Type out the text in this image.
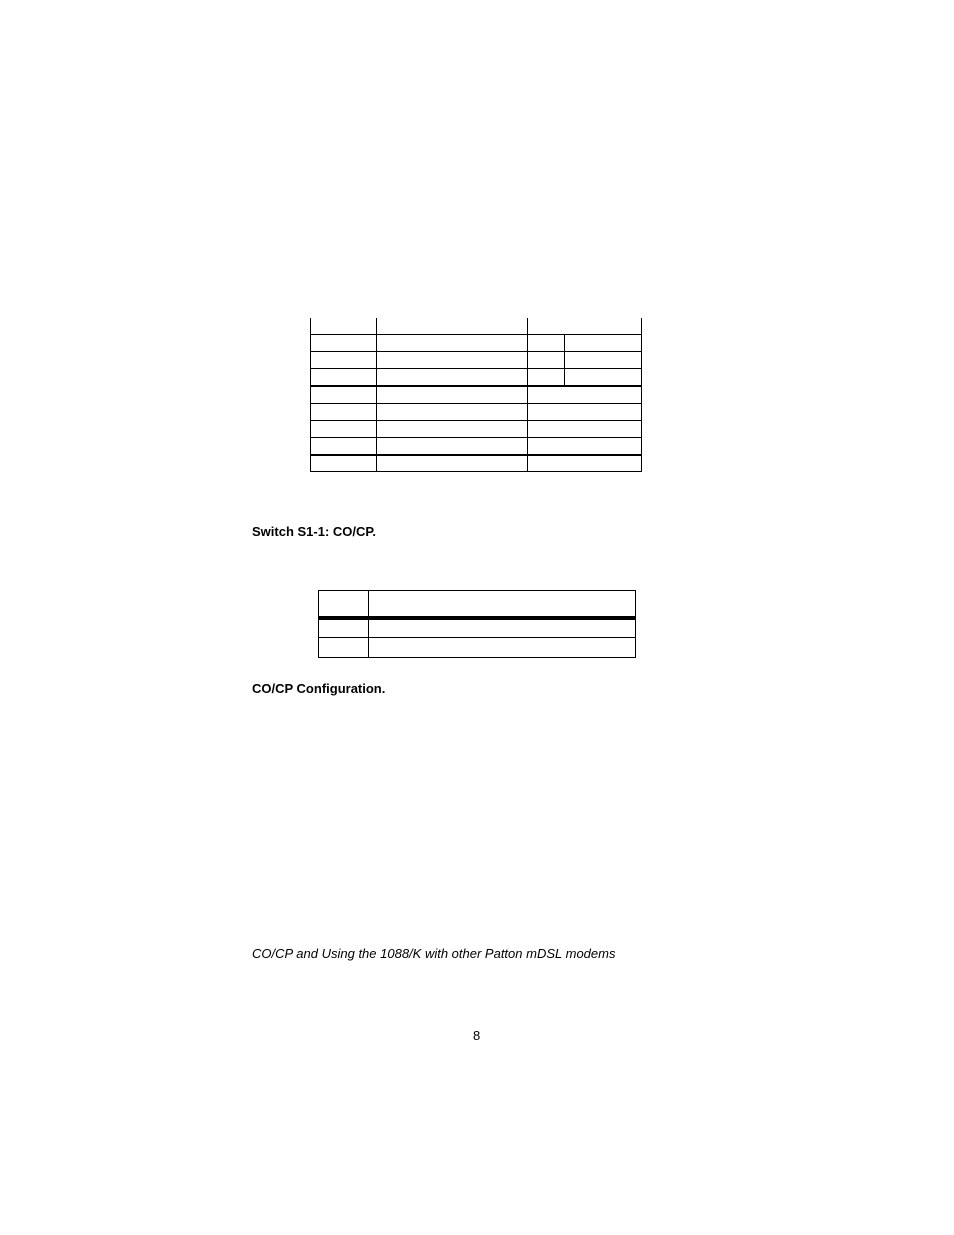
Switch S1-1: CO/CP.
CO/CP Configuration.
CO/CP and Using the 1088/K with other Patton mDSL modems
8
